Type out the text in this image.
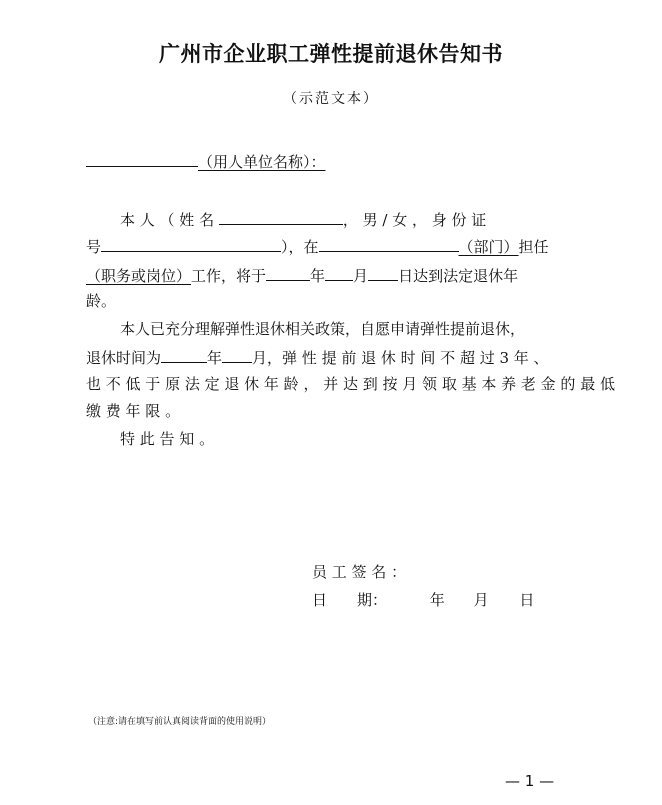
广州市企业职工弹性提前退休告知书
（示范文本）
（用人单位名称）：
本 人 （ 姓 名	， 男 / 女 ， 身 份 证
号	），在	（部门）担任
（职务或岗位）工作，将于	年 月 日达到法定退休年
龄。
本人已充分理解弹性退休相关政策，自愿申请弹性提前退休，
退休时间为	年 月，弹 性 提 前 退 休 时 间 不 超 过 3 年 、
也 不 低 于 原 法 定 退 休 年 龄 ， 并 达 到 按 月 领 取 基 本 养 老 金 的 最 低
缴 费 年 限 。
特 此 告 知 。
员 工 签 名 ：
日　　期：	年 月 日
（注意:请在填写前认真阅读背面的使用说明）
— 1 —
